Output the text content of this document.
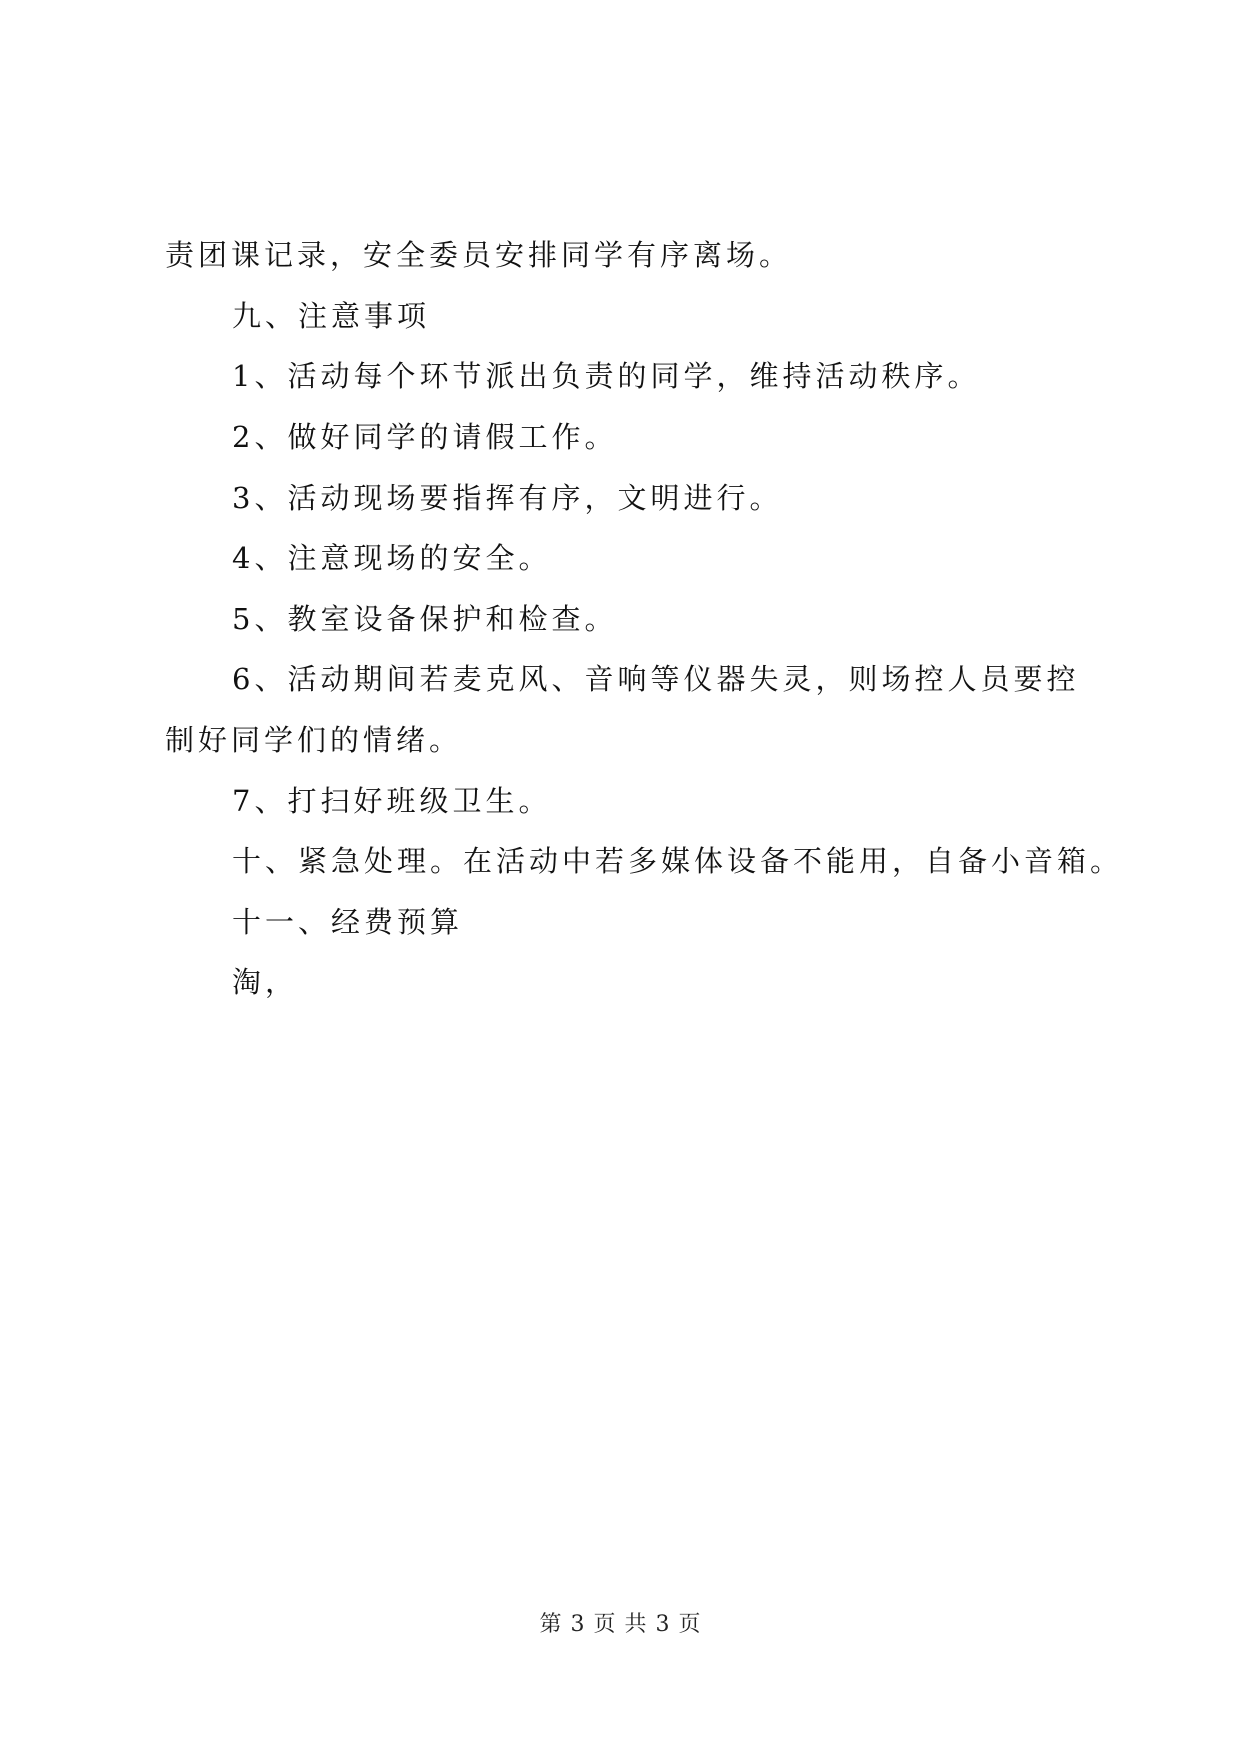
责团课记录，安全委员安排同学有序离场。
九、注意事项
1、活动每个环节派出负责的同学，维持活动秩序。
2、做好同学的请假工作。
3、活动现场要指挥有序，文明进行。
4、注意现场的安全。
5、教室设备保护和检查。
6、活动期间若麦克风、音响等仪器失灵，则场控人员要控
制好同学们的情绪。
7、打扫好班级卫生。
十、紧急处理。在活动中若多媒体设备不能用，自备小音箱。
十一、经费预算
淘，
第 3 页 共 3 页
